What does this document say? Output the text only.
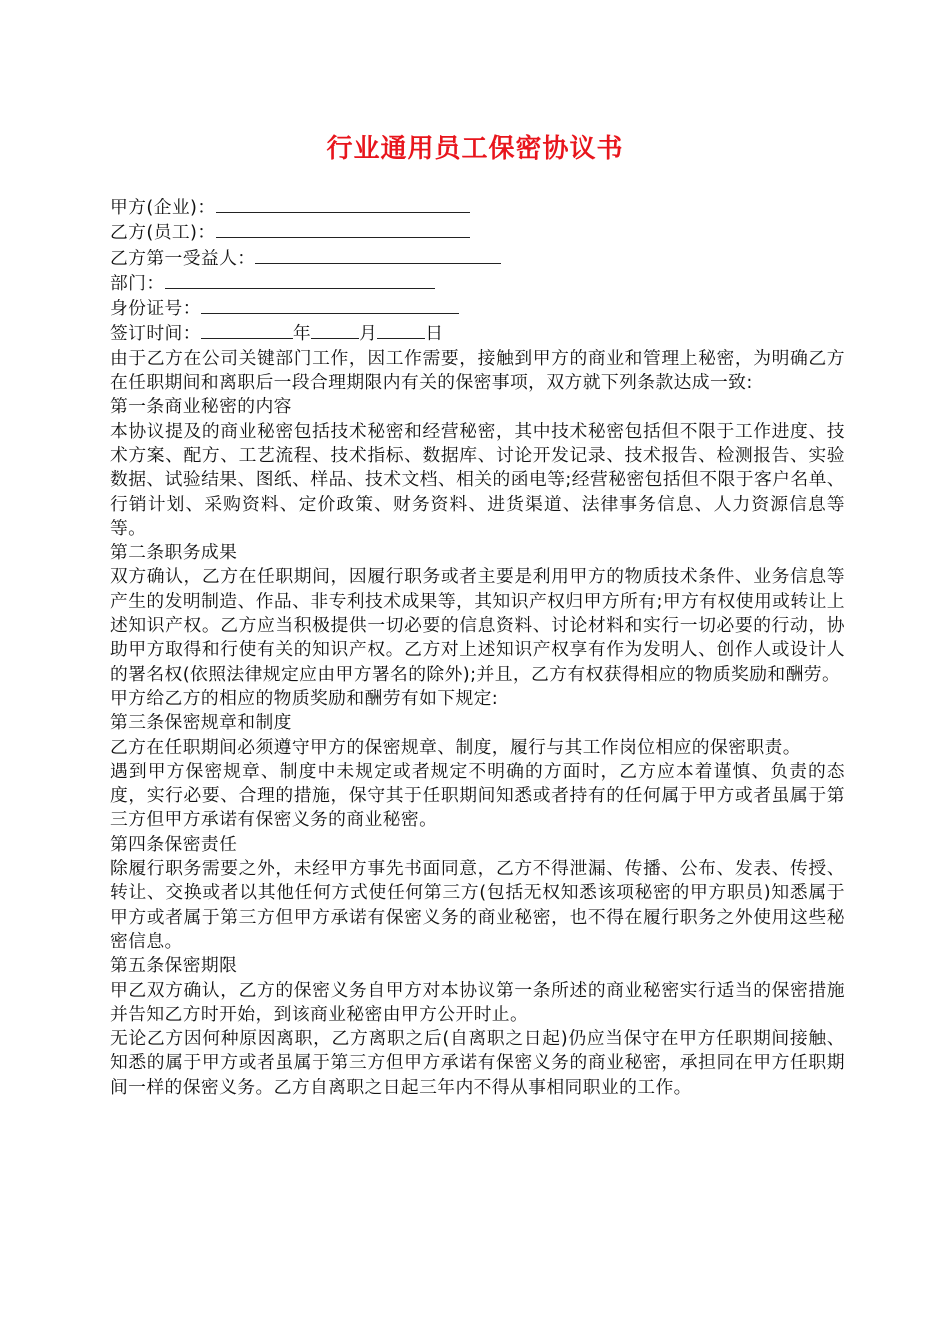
行业通用员工保密协议书

甲方(企业)：

乙方(员工)：

乙方第一受益人：

部门：

身份证号：

签订时间：	年	月	日

由于乙方在公司关键部门工作，因工作需要，接触到甲方的商业和管理上秘密，为明确乙方在任职期间和离职后一段合理期限内有关的保密事项，双方就下列条款达成一致:

第一条商业秘密的内容

本协议提及的商业秘密包括技术秘密和经营秘密，其中技术秘密包括但不限于工作进度、技术方案、配方、工艺流程、技术指标、数据库、讨论开发记录、技术报告、检测报告、实验数据、试验结果、图纸、样品、技术文档、相关的函电等;经营秘密包括但不限于客户名单、行销计划、采购资料、定价政策、财务资料、进货渠道、法律事务信息、人力资源信息等等。

第二条职务成果

双方确认，乙方在任职期间，因履行职务或者主要是利用甲方的物质技术条件、业务信息等产生的发明制造、作品、非专利技术成果等，其知识产权归甲方所有;甲方有权使用或转让上述知识产权。乙方应当积极提供一切必要的信息资料、讨论材料和实行一切必要的行动，协助甲方取得和行使有关的知识产权。乙方对上述知识产权享有作为发明人、创作人或设计人的署名权(依照法律规定应由甲方署名的除外);并且，乙方有权获得相应的物质奖励和酬劳。

甲方给乙方的相应的物质奖励和酬劳有如下规定:

第三条保密规章和制度

乙方在任职期间必须遵守甲方的保密规章、制度，履行与其工作岗位相应的保密职责。

遇到甲方保密规章、制度中未规定或者规定不明确的方面时，乙方应本着谨慎、负责的态度，实行必要、合理的措施，保守其于任职期间知悉或者持有的任何属于甲方或者虽属于第三方但甲方承诺有保密义务的商业秘密。

第四条保密责任

除履行职务需要之外，未经甲方事先书面同意，乙方不得泄漏、传播、公布、发表、传授、转让、交换或者以其他任何方式使任何第三方(包括无权知悉该项秘密的甲方职员)知悉属于甲方或者属于第三方但甲方承诺有保密义务的商业秘密，也不得在履行职务之外使用这些秘密信息。

第五条保密期限

甲乙双方确认，乙方的保密义务自甲方对本协议第一条所述的商业秘密实行适当的保密措施并告知乙方时开始，到该商业秘密由甲方公开时止。

无论乙方因何种原因离职，乙方离职之后(自离职之日起)仍应当保守在甲方任职期间接触、知悉的属于甲方或者虽属于第三方但甲方承诺有保密义务的商业秘密，承担同在甲方任职期间一样的保密义务。乙方自离职之日起三年内不得从事相同职业的工作。
